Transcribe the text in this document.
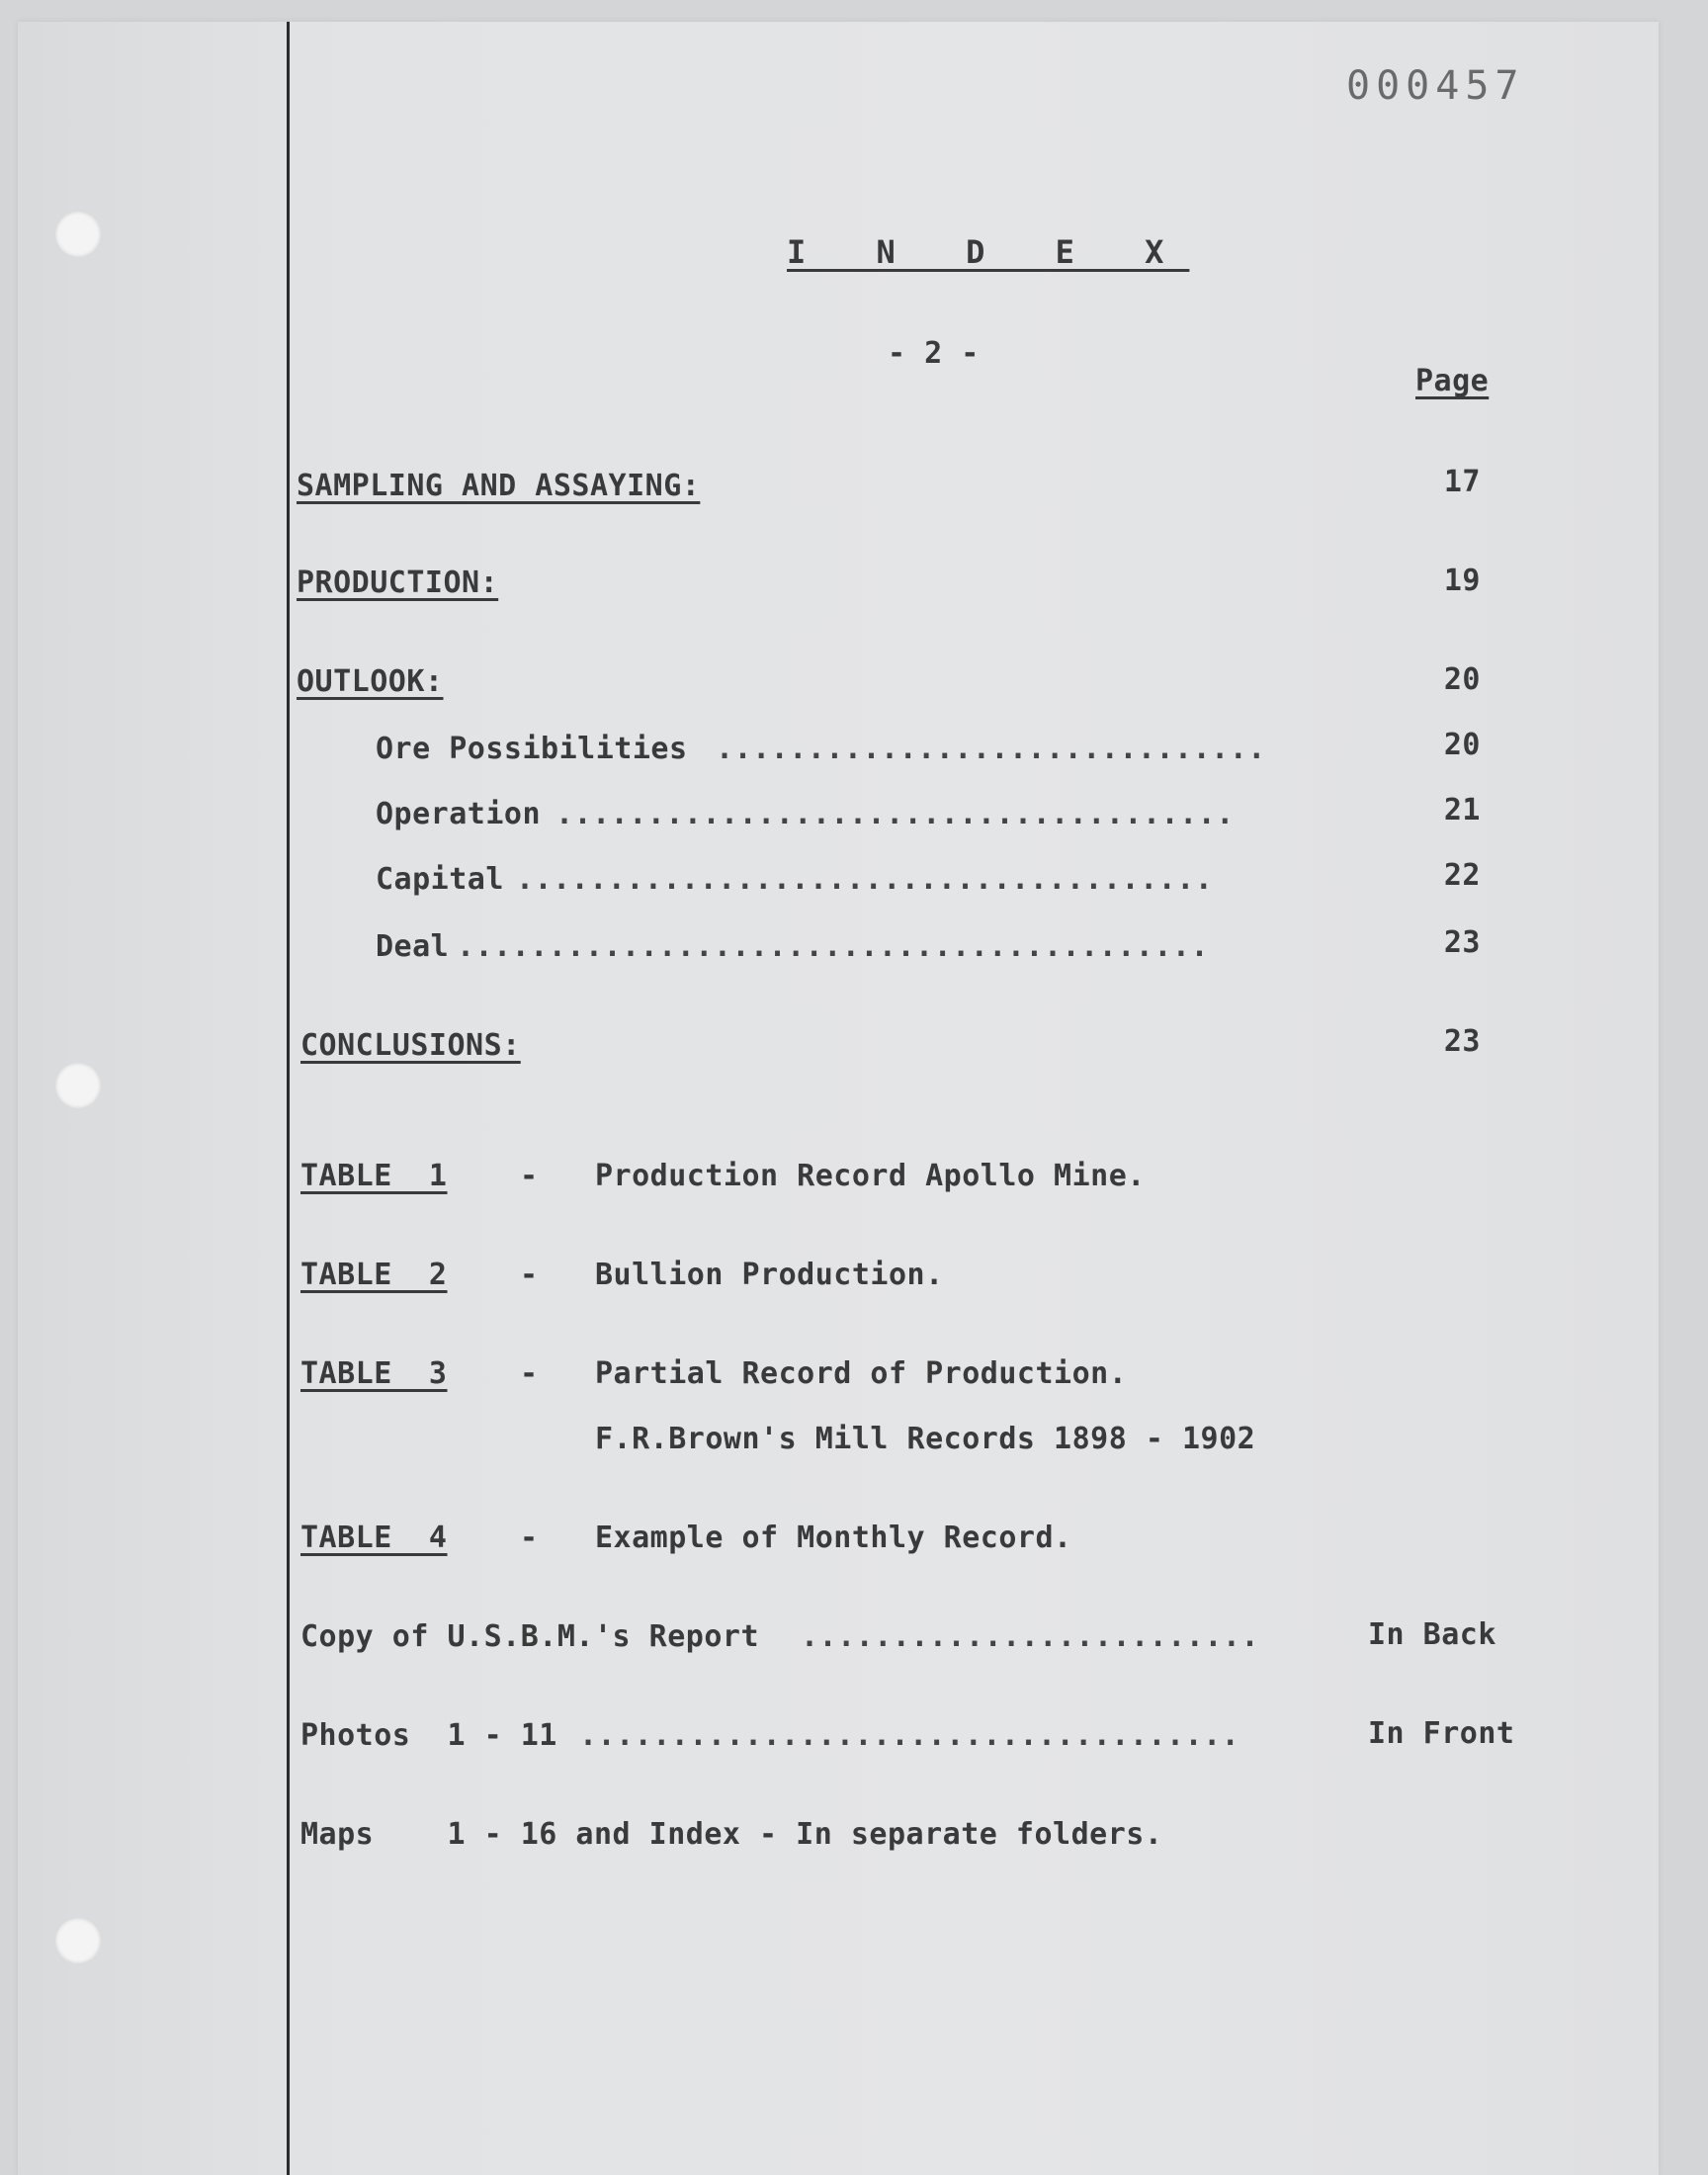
000457
I N D E X
- 2 -
Page
SAMPLING AND ASSAYING:	17
PRODUCTION:	19
OUTLOOK:	20
Ore Possibilities ..............................	20
Operation .....................................	21
Capital ......................................	22
Deal .........................................	23
CONCLUSIONS:	23
TABLE  1 - Production Record Apollo Mine.
TABLE  2 - Bullion Production.
TABLE  3 - Partial Record of Production.
F.R.Brown's Mill Records 1898 - 1902
TABLE  4 - Example of Monthly Record.
Copy of U.S.B.M.'s Report .........................	In Back
Photos  1 - 11 ....................................	In Front
Maps    1 - 16 and Index - In separate folders.
